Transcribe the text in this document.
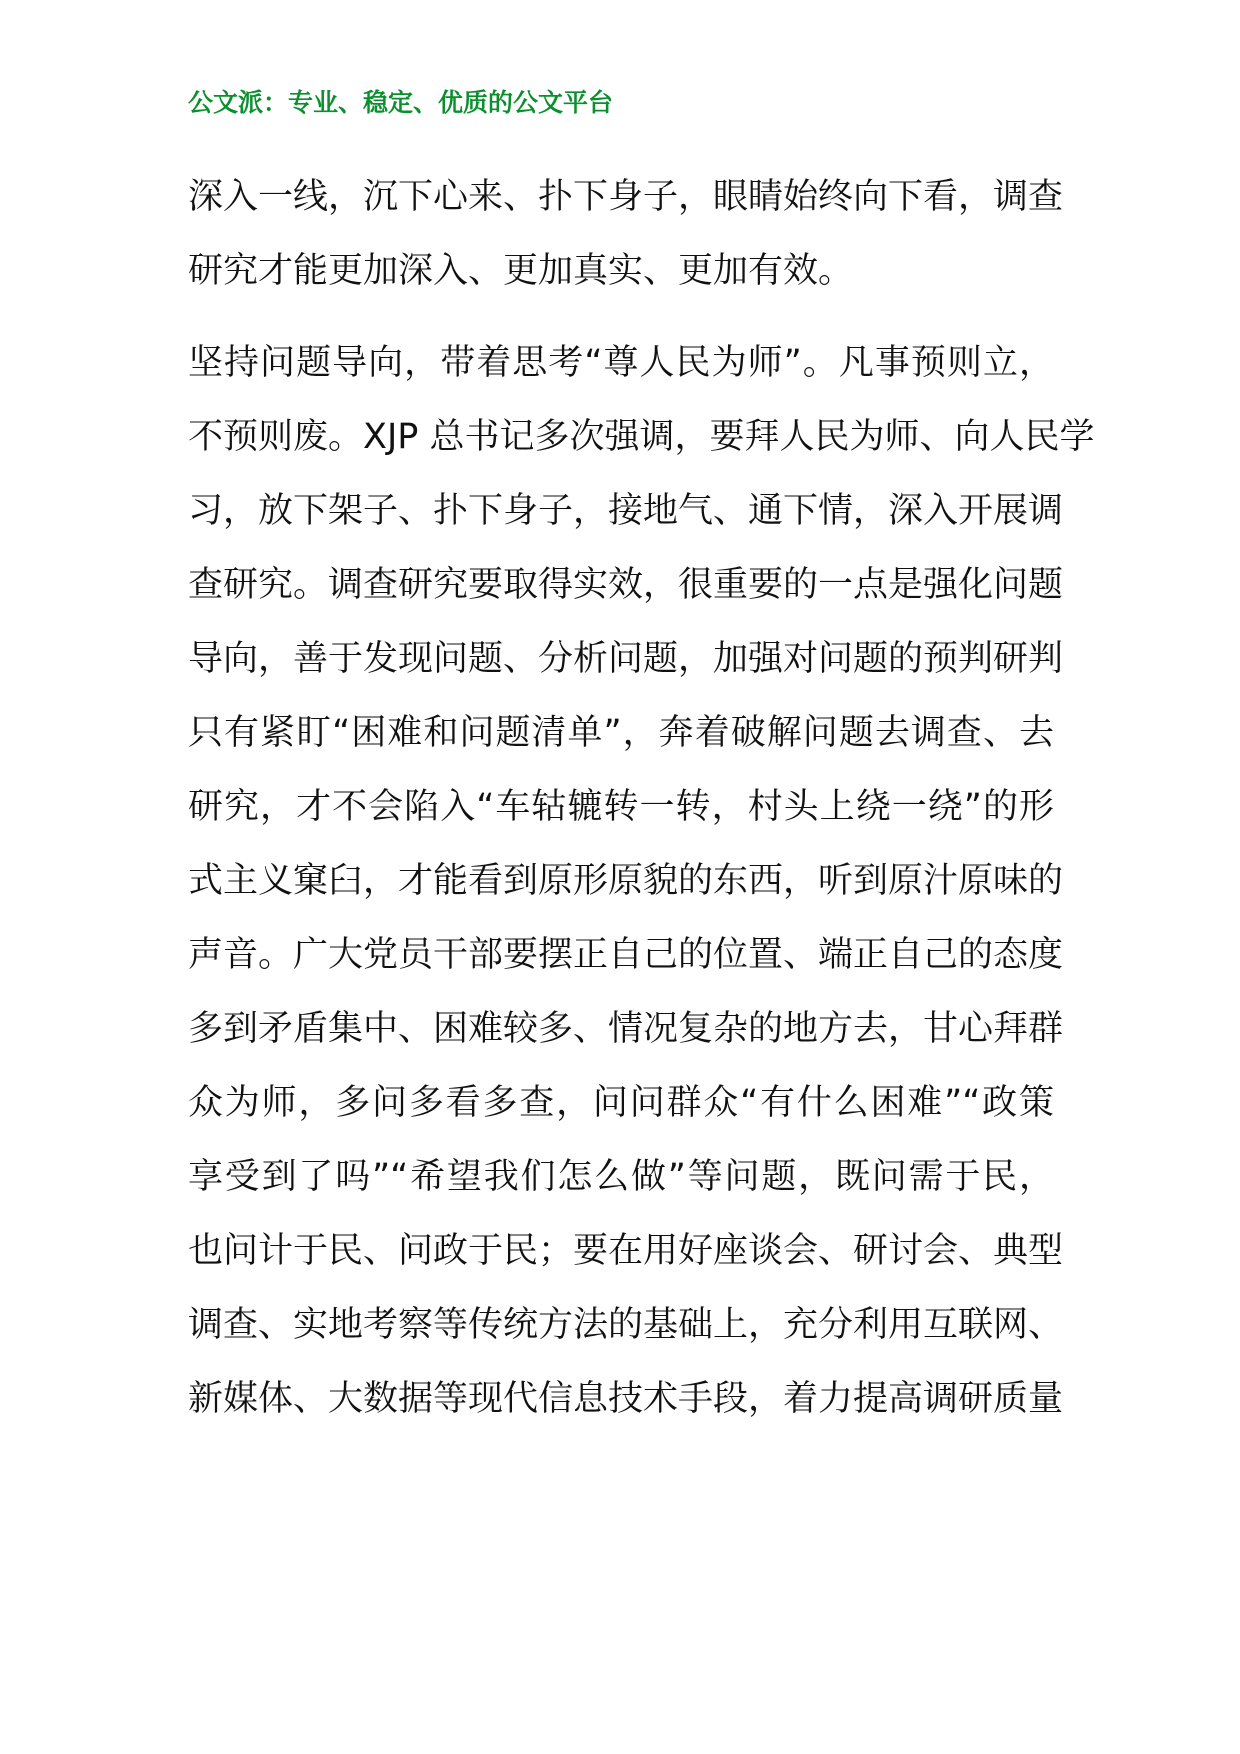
公文派：专业、稳定、优质的公文平台
深入一线，沉下心来、扑下身子，眼睛始终向下看，调查
研究才能更加深入、更加真实、更加有效。
坚持问题导向，带着思考“尊人民为师”。凡事预则立，
不预则废。XJP 总书记多次强调，要拜人民为师、向人民学
习，放下架子、扑下身子，接地气、通下情，深入开展调
查研究。调查研究要取得实效，很重要的一点是强化问题
导向，善于发现问题、分析问题，加强对问题的预判研判
只有紧盯“困难和问题清单”，奔着破解问题去调查、去
研究，才不会陷入“车轱辘转一转，村头上绕一绕”的形
式主义窠臼，才能看到原形原貌的东西，听到原汁原味的
声音。广大党员干部要摆正自己的位置、端正自己的态度
多到矛盾集中、困难较多、情况复杂的地方去，甘心拜群
众为师，多问多看多查，问问群众“有什么困难”“政策
享受到了吗”“希望我们怎么做”等问题，既问需于民，
也问计于民、问政于民；要在用好座谈会、研讨会、典型
调查、实地考察等传统方法的基础上，充分利用互联网、
新媒体、大数据等现代信息技术手段，着力提高调研质量
